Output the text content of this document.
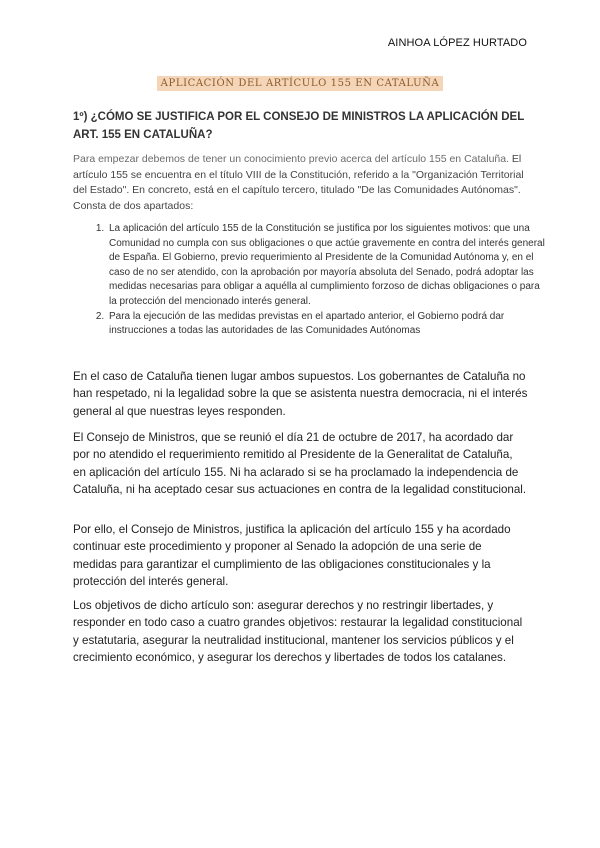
AINHOA LÓPEZ HURTADO
APLICACIÓN DEL ARTÍCULO 155 EN CATALUÑA
1º) ¿CÓMO SE JUSTIFICA POR EL CONSEJO DE MINISTROS LA APLICACIÓN DEL ART. 155 EN CATALUÑA?
Para empezar debemos de tener un conocimiento previo acerca del artículo 155 en Cataluña. El artículo 155 se encuentra en el título VIII de la Constitución, referido a la "Organización Territorial del Estado". En concreto, está en el capítulo tercero, titulado "De las Comunidades Autónomas". Consta de dos apartados:
1. La aplicación del artículo 155 de la Constitución se justifica por los siguientes motivos: que una Comunidad no cumpla con sus obligaciones o que actúe gravemente en contra del interés general de España. El Gobierno, previo requerimiento al Presidente de la Comunidad Autónoma y, en el caso de no ser atendido, con la aprobación por mayoría absoluta del Senado, podrá adoptar las medidas necesarias para obligar a aquélla al cumplimiento forzoso de dichas obligaciones o para la protección del mencionado interés general.
2. Para la ejecución de las medidas previstas en el apartado anterior, el Gobierno podrá dar instrucciones a todas las autoridades de las Comunidades Autónomas
En el caso de Cataluña tienen lugar ambos supuestos. Los gobernantes de Cataluña no han respetado, ni la legalidad sobre la que se asistenta nuestra democracia, ni el interés general al que nuestras leyes responden.
El Consejo de Ministros, que se reunió el día 21 de octubre de 2017, ha acordado dar por no atendido el requerimiento remitido al Presidente de la Generalitat de Cataluña, en aplicación del artículo 155. Ni ha aclarado si se ha proclamado la independencia de Cataluña, ni ha aceptado cesar sus actuaciones en contra de la legalidad constitucional.
Por ello, el Consejo de Ministros, justifica la aplicación del artículo 155 y ha acordado continuar este procedimiento y proponer al Senado la adopción de una serie de medidas para garantizar el cumplimiento de las obligaciones constitucionales y la protección del interés general.
Los objetivos de dicho artículo son: asegurar derechos y no restringir libertades, y responder en todo caso a cuatro grandes objetivos: restaurar la legalidad constitucional y estatutaria, asegurar la neutralidad institucional, mantener los servicios públicos y el crecimiento económico, y asegurar los derechos y libertades de todos los catalanes.
